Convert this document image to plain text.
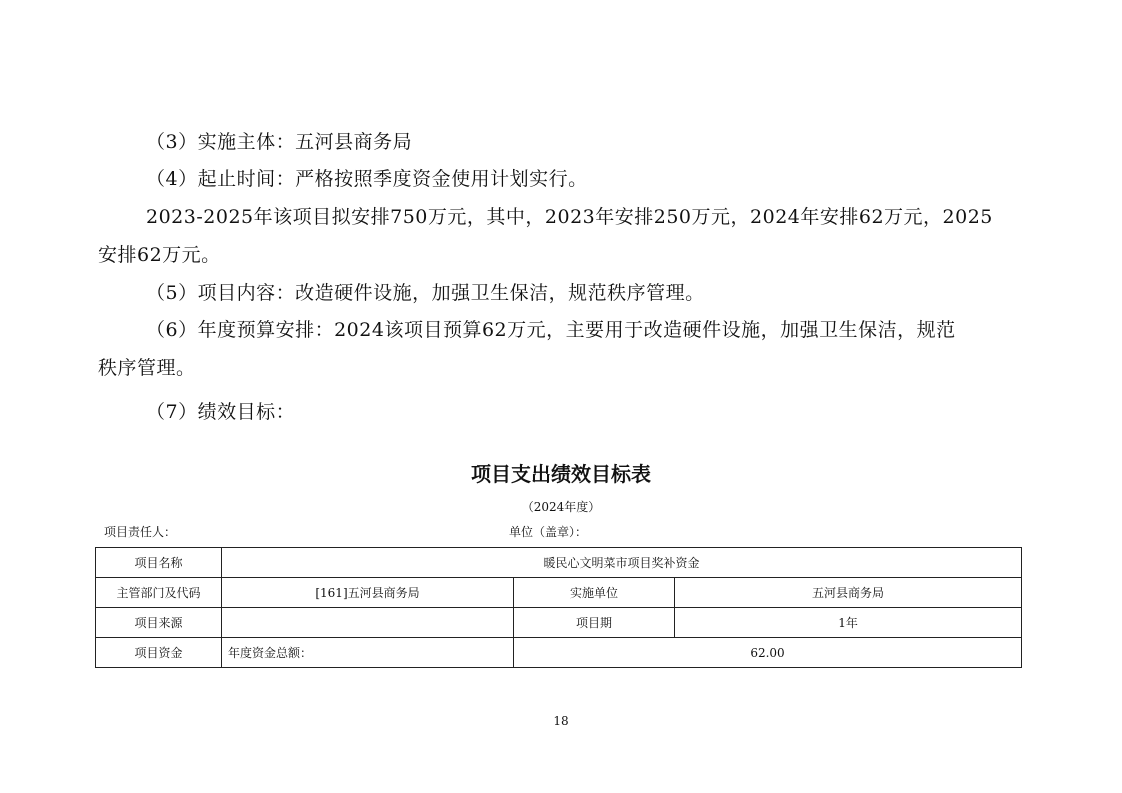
（3）实施主体：五河县商务局
（4）起止时间：严格按照季度资金使用计划实行。
2023-2025年该项目拟安排750万元，其中，2023年安排250万元，2024年安排62万元，2025
安排62万元。
（5）项目内容：改造硬件设施，加强卫生保洁，规范秩序管理。
（6）年度预算安排：2024该项目预算62万元，主要用于改造硬件设施，加强卫生保洁，规范
秩序管理。
（7）绩效目标：
项目支出绩效目标表
（2024年度）
项目责任人：	单位（盖章）：
项目名称	暖民心文明菜市项目奖补资金		
主管部门及代码	[161]五河县商务局	实施单位	五河县商务局
项目来源		项目期	1年
项目资金	年度资金总额：	62.00	
18
